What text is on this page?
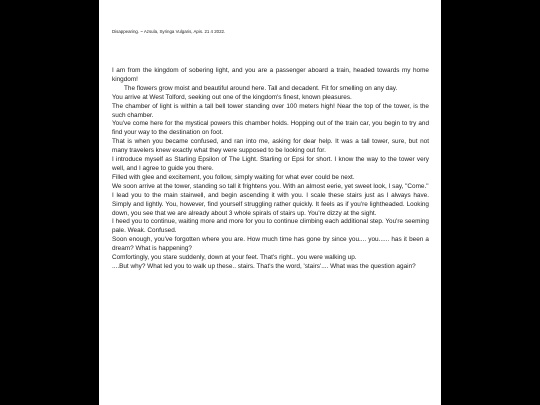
Disappearing. ~ Azsula, Syringa Vulgaris, Apis. 21 4 2022.

I am from the kingdom of sobering light, and you are a passenger aboard a train, headed towards my home kingdom!

The flowers grow moist and beautiful around here. Tall and decadent. Fit for smelling on any day.

You arrive at West Tolford, seeking out one of the kingdom's finest, known pleasures.

The chamber of light is within a tall bell tower standing over 100 meters high! Near the top of the tower, is the such chamber.

You've come here for the mystical powers this chamber holds. Hopping out of the train car, you begin to try and find your way to the destination on foot.

That is when you became confused, and ran into me, asking for dear help. It was a tall tower, sure, but not many travelers knew exactly what they were supposed to be looking out for.

I introduce myself as Starling Epsilon of The Light. Starling or Epsi for short. I know the way to the tower very well, and I agree to guide you there.

Filled with glee and excitement, you follow, simply waiting for what ever could be next.

We soon arrive at the tower, standing so tall it frightens you. With an almost eerie, yet sweet look, I say, "Come."

I lead you to the main stairwell, and begin ascending it with you. I scale these stairs just as I always have. Simply and lightly. You, however, find yourself struggling rather quickly. It feels as if you're lightheaded. Looking down, you see that we are already about 3 whole spirals of stairs up. You're dizzy at the sight.

I heed you to continue, waiting more and more for you to continue climbing each additional step. You're seeming pale. Weak. Confused.

Soon enough, you've forgotten where you are. How much time has gone by since you.... you...... has it been a dream? What is happening?

Comfortingly, you stare suddenly, down at your feet. That's right.. you were walking up.

....But why? What led you to walk up these.. stairs. That's the word, 'stairs'.... What was the question again?
